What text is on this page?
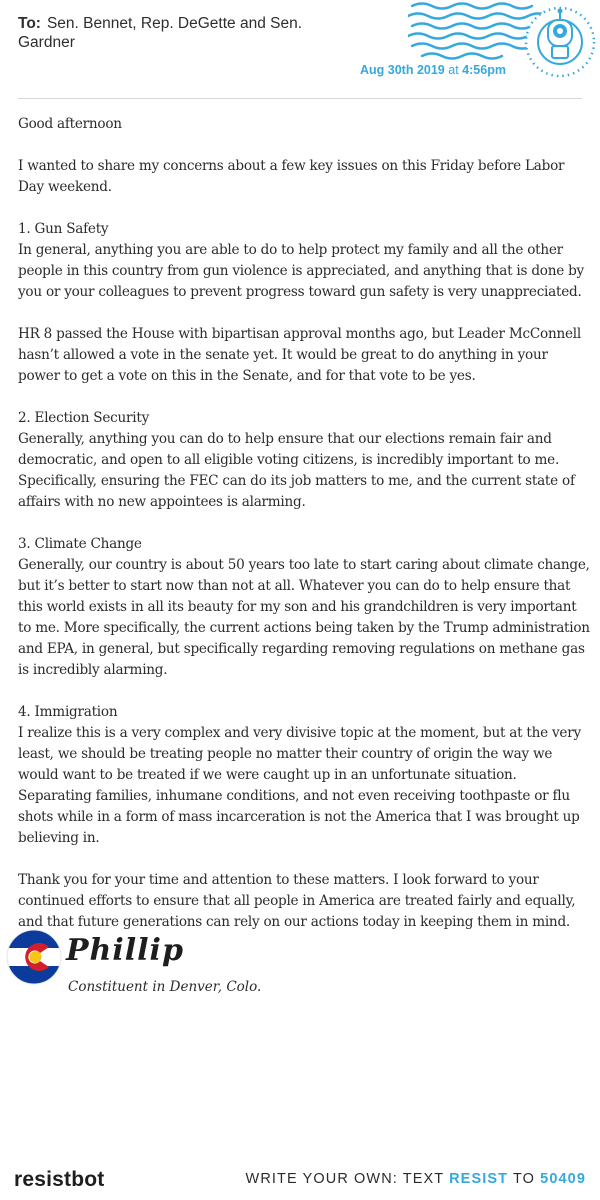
To: Sen. Bennet, Rep. DeGette and Sen. Gardner
Aug 30th 2019 at 4:56pm

Good afternoon

I wanted to share my concerns about a few key issues on this Friday before Labor Day weekend.

1. Gun Safety

In general, anything you are able to do to help protect my family and all the other people in this country from gun violence is appreciated, and anything that is done by you or your colleagues to prevent progress toward gun safety is very unappreciated.

HR 8 passed the House with bipartisan approval months ago, but Leader McConnell hasn’t allowed a vote in the senate yet. It would be great to do anything in your power to get a vote on this in the Senate, and for that vote to be yes.

2. Election Security

Generally, anything you can do to help ensure that our elections remain fair and democratic, and open to all eligible voting citizens, is incredibly important to me. Specifically, ensuring the FEC can do its job matters to me, and the current state of affairs with no new appointees is alarming.

3. Climate Change

Generally, our country is about 50 years too late to start caring about climate change, but it’s better to start now than not at all. Whatever you can do to help ensure that this world exists in all its beauty for my son and his grandchildren is very important to me. More specifically, the current actions being taken by the Trump administration and EPA, in general, but specifically regarding removing regulations on methane gas is incredibly alarming.

4. Immigration

I realize this is a very complex and very divisive topic at the moment, but at the very least, we should be treating people no matter their country of origin the way we would want to be treated if we were caught up in an unfortunate situation. Separating families, inhumane conditions, and not even receiving toothpaste or flu shots while in a form of mass incarceration is not the America that I was brought up believing in.

Thank you for your time and attention to these matters. I look forward to your continued efforts to ensure that all people in America are treated fairly and equally, and that future generations can rely on our actions today in keeping them in mind.

Phillip
Constituent in Denver, Colo.
resistbot	WRITE YOUR OWN: TEXT RESIST TO 50409
